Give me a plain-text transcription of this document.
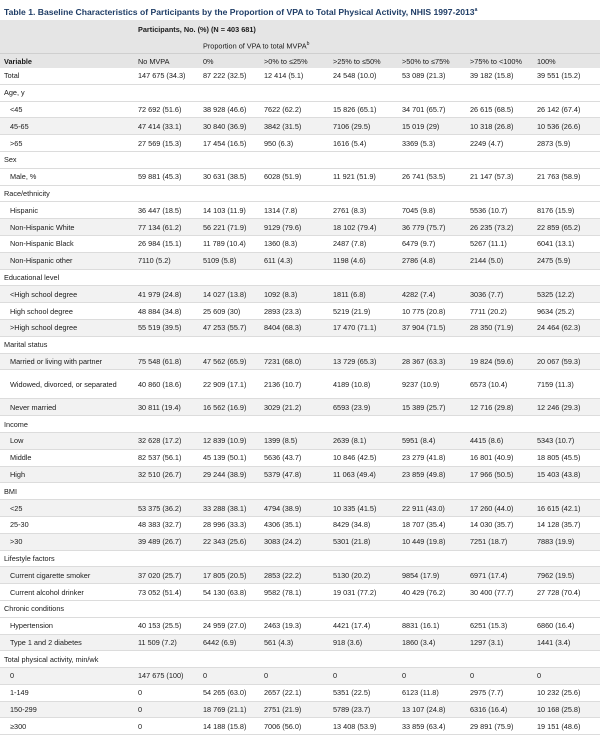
Table 1. Baseline Characteristics of Participants by the Proportion of VPA to Total Physical Activity, NHIS 1997-2013$^a$
	Participants, No. (%) (N = 403 681)						
		Proportion of VPA to total MVPA$^b$
Variable	No MVPA	0%	>0% to ≤25%	>25% to ≤50%	>50% to ≤75%	>75% to <100%	100%
Total	147 675 (34.3)	87 222 (32.5)	12 414 (5.1)	24 548 (10.0)	53 089 (21.3)	39 182 (15.8)	39 551 (15.2)
Age, y							
<45	72 692 (51.6)	38 928 (46.6)	7622 (62.2)	15 826 (65.1)	34 701 (65.7)	26 615 (68.5)	26 142 (67.4)
45-65	47 414 (33.1)	30 840 (36.9)	3842 (31.5)	7106 (29.5)	15 019 (29)	10 318 (26.8)	10 536 (26.6)
>65	27 569 (15.3)	17 454 (16.5)	950 (6.3)	1616 (5.4)	3369 (5.3)	2249 (4.7)	2873 (5.9)
Sex							
Male, %	59 881 (45.3)	30 631 (38.5)	6028 (51.9)	11 921 (51.9)	26 741 (53.5)	21 147 (57.3)	21 763 (58.9)
Race/ethnicity							
Hispanic	36 447 (18.5)	14 103 (11.9)	1314 (7.8)	2761 (8.3)	7045 (9.8)	5536 (10.7)	8176 (15.9)
Non-Hispanic White	77 134 (61.2)	56 221 (71.9)	9129 (79.6)	18 102 (79.4)	36 779 (75.7)	26 235 (73.2)	22 859 (65.2)
Non-Hispanic Black	26 984 (15.1)	11 789 (10.4)	1360 (8.3)	2487 (7.8)	6479 (9.7)	5267 (11.1)	6041 (13.1)
Non-Hispanic other	7110 (5.2)	5109 (5.8)	611 (4.3)	1198 (4.6)	2786 (4.8)	2144 (5.0)	2475 (5.9)
Educational level							
<High school degree	41 979 (24.8)	14 027 (13.8)	1092 (8.3)	1811 (6.8)	4282 (7.4)	3036 (7.7)	5325 (12.2)
High school degree	48 884 (34.8)	25 609 (30)	2893 (23.3)	5219 (21.9)	10 775 (20.8)	7711 (20.2)	9634 (25.2)
>High school degree	55 519 (39.5)	47 253 (55.7)	8404 (68.3)	17 470 (71.1)	37 904 (71.5)	28 350 (71.9)	24 464 (62.3)
Marital status							
Married or living with partner	75 548 (61.8)	47 562 (65.9)	7231 (68.0)	13 729 (65.3)	28 367 (63.3)	19 824 (59.6)	20 067 (59.3)
Widowed, divorced, or separated	40 860 (18.6)	22 909 (17.1)	2136 (10.7)	4189 (10.8)	9237 (10.9)	6573 (10.4)	7159 (11.3)
Never married	30 811 (19.4)	16 562 (16.9)	3029 (21.2)	6593 (23.9)	15 389 (25.7)	12 716 (29.8)	12 246 (29.3)
Income							
Low	32 628 (17.2)	12 839 (10.9)	1399 (8.5)	2639 (8.1)	5951 (8.4)	4415 (8.6)	5343 (10.7)
Middle	82 537 (56.1)	45 139 (50.1)	5636 (43.7)	10 846 (42.5)	23 279 (41.8)	16 801 (40.9)	18 805 (45.5)
High	32 510 (26.7)	29 244 (38.9)	5379 (47.8)	11 063 (49.4)	23 859 (49.8)	17 966 (50.5)	15 403 (43.8)
BMI							
<25	53 375 (36.2)	33 288 (38.1)	4794 (38.9)	10 335 (41.5)	22 911 (43.0)	17 260 (44.0)	16 615 (42.1)
25-30	48 383 (32.7)	28 996 (33.3)	4306 (35.1)	8429 (34.8)	18 707 (35.4)	14 030 (35.7)	14 128 (35.7)
>30	39 489 (26.7)	22 343 (25.6)	3083 (24.2)	5301 (21.8)	10 449 (19.8)	7251 (18.7)	7883 (19.9)
Lifestyle factors							
Current cigarette smoker	37 020 (25.7)	17 805 (20.5)	2853 (22.2)	5130 (20.2)	9854 (17.9)	6971 (17.4)	7962 (19.5)
Current alcohol drinker	73 052 (51.4)	54 130 (63.8)	9582 (78.1)	19 031 (77.2)	40 429 (76.2)	30 400 (77.7)	27 728 (70.4)
Chronic conditions							
Hypertension	40 153 (25.5)	24 959 (27.0)	2463 (19.3)	4421 (17.4)	8831 (16.1)	6251 (15.3)	6860 (16.4)
Type 1 and 2 diabetes	11 509 (7.2)	6442 (6.9)	561 (4.3)	918 (3.6)	1860 (3.4)	1297 (3.1)	1441 (3.4)
Total physical activity, min/wk							
0	147 675 (100)	0	0	0	0	0	0
1-149	0	54 265 (63.0)	2657 (22.1)	5351 (22.5)	6123 (11.8)	2975 (7.7)	10 232 (25.6)
150-299	0	18 769 (21.1)	2751 (21.9)	5789 (23.7)	13 107 (24.8)	6316 (16.4)	10 168 (25.8)
≥300	0	14 188 (15.8)	7006 (56.0)	13 408 (53.9)	33 859 (63.4)	29 891 (75.9)	19 151 (48.6)
